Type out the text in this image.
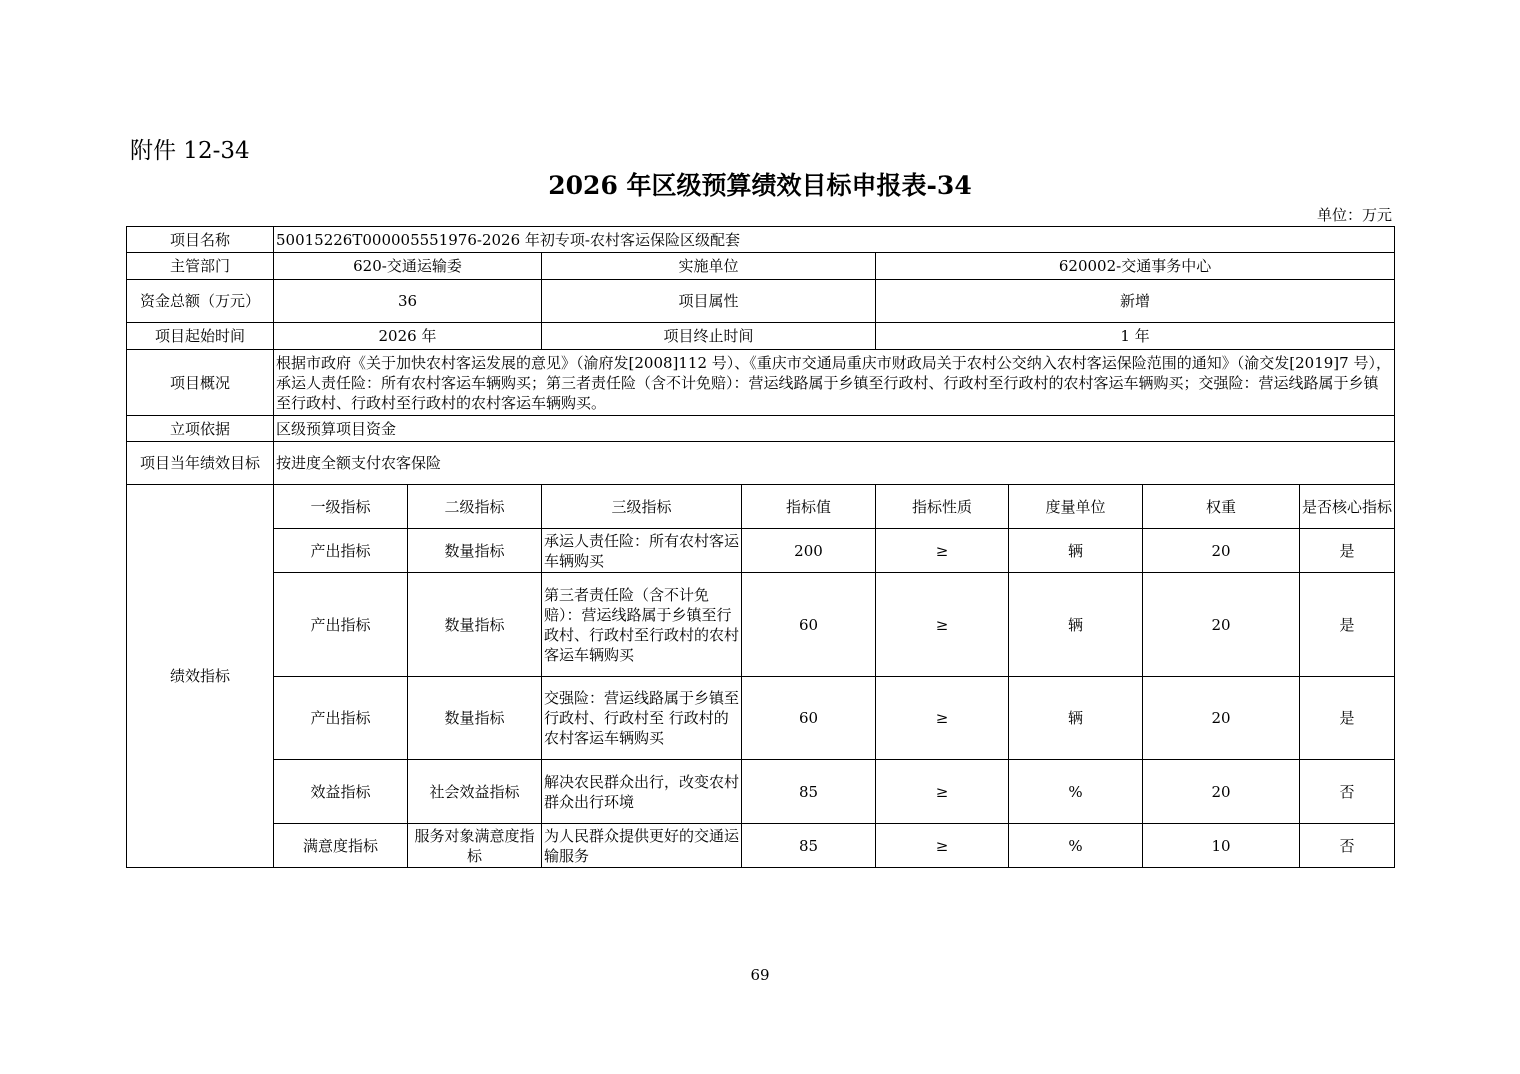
附件 12-34
2026 年区级预算绩效目标申报表-34
单位：万元
项目名称	50015226T000005551976-2026 年初专项-农村客运保险区级配套							
主管部门	620-交通运输委		实施单位		620002-交通事务中心			
资金总额（万元）	36		项目属性		新增			
项目起始时间	2026 年		项目终止时间		1 年			
项目概况	根据市政府《关于加快农村客运发展的意见》（渝府发[2008]112 号）、《重庆市交通局重庆市财政局关于农村公交纳入农村客运保险范围的通知》（渝交发[2019]7 号），承运人责任险：所有农村客运车辆购买；第三者责任险（含不计免赔）：营运线路属于乡镇至行政村、行政村至行政村的农村客运车辆购买；交强险：营运线路属于乡镇至行政村、行政村至行政村的农村客运车辆购买。							
立项依据	区级预算项目资金							
项目当年绩效目标	按进度全额支付农客保险							
绩效指标	一级指标	二级指标	三级指标	指标值	指标性质	度量单位	权重	是否核心指标
	产出指标	数量指标	承运人责任险：所有农村客运车辆购买	200	≥	辆	20	是
	产出指标	数量指标	第三者责任险（含不计免赔）：营运线路属于乡镇至行政村、行政村至行政村的农村客运车辆购买	60	≥	辆	20	是
	产出指标	数量指标	交强险：营运线路属于乡镇至行政村、行政村至 行政村的农村客运车辆购买	60	≥	辆	20	是
	效益指标	社会效益指标	解决农民群众出行，改变农村群众出行环境	85	≥	%	20	否
	满意度指标	服务对象满意度指标	为人民群众提供更好的交通运输服务	85	≥	%	10	否
69
